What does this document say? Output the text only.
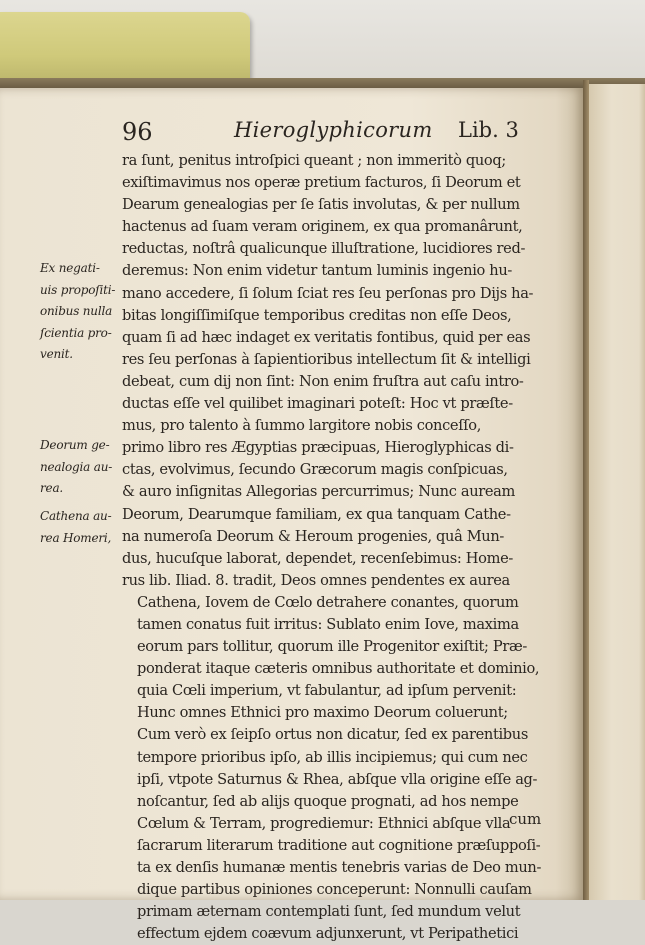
96	Hieroglyphicorum Lib. 3
ra ſunt, penitus introſpici queant ; non immeritò quoq;
exiſtimavimus nos operæ pretium facturos, ſi Deorum et
Dearum genealogias per ſe ſatis involutas, & per nullum
hactenus ad ſuam veram originem, ex qua promanârunt,
reductas, noſtrâ qualicunque illuſtratione, lucidiores red-
deremus: Non enim videtur tantum luminis ingenio hu-
mano accedere, ſi ſolum ſciat res ſeu perſonas pro Dijs ha-
bitas longiſſimiſque temporibus creditas non eſſe Deos,
quam ſi ad hæc indaget ex veritatis fontibus, quid per eas
res ſeu perſonas à ſapientioribus intellectum ſit & intelligi
debeat, cum dij non ſint: Non enim fruſtra aut caſu intro-
ductas eſſe vel quilibet imaginari poteſt: Hoc vt præſte-
mus, pro talento à ſummo largitore nobis conceſſo,
primo libro res Ægyptias præcipuas, Hieroglyphicas di-
ctas, evolvimus, ſecundo Græcorum magis conſpicuas,
& auro inſignitas Allegorias percurrimus; Nunc auream
Deorum, Dearumque familiam, ex qua tanquam Cathe-
na numeroſa Deorum & Heroum progenies, quâ Mun-
dus, hucuſque laborat, dependet, recenſebimus: Home-
rus lib. Iliad. 8. tradit, Deos omnes pendentes ex aurea
Cathena, Iovem de Cœlo detrahere conantes, quorum
tamen conatus fuit irritus: Sublato enim Iove, maxima
eorum pars tollitur, quorum ille Progenitor exiſtit; Præ-
ponderat itaque cæteris omnibus authoritate et dominio,
quia Cœli imperium, vt fabulantur, ad ipſum pervenit:
Hunc omnes Ethnici pro maximo Deorum coluerunt;
Cum verò ex ſeipſo ortus non dicatur, ſed ex parentibus
tempore prioribus ipſo, ab illis incipiemus; qui cum nec
ipſi, vtpote Saturnus & Rhea, abſque vlla origine eſſe ag-
noſcantur, ſed ab alijs quoque prognati, ad hos nempe
Cœlum & Terram, progrediemur: Ethnici abſque vlla
ſacrarum literarum traditione aut cognitione præſuppoſi-
ta ex denſis humanæ mentis tenebris varias de Deo mun-
dique partibus opiniones conceperunt: Nonnulli cauſam
primam æternam contemplati ſunt, ſed mundum velut
effectum ejdem coævum adjunxerunt, vt Peripathetici
Ex negati-
uis propoſiti-
onibus nulla
ſcientia pro-
venit.
Deorum ge-
nealogia au-
rea.
Cathena au-
rea Homeri,
cum
